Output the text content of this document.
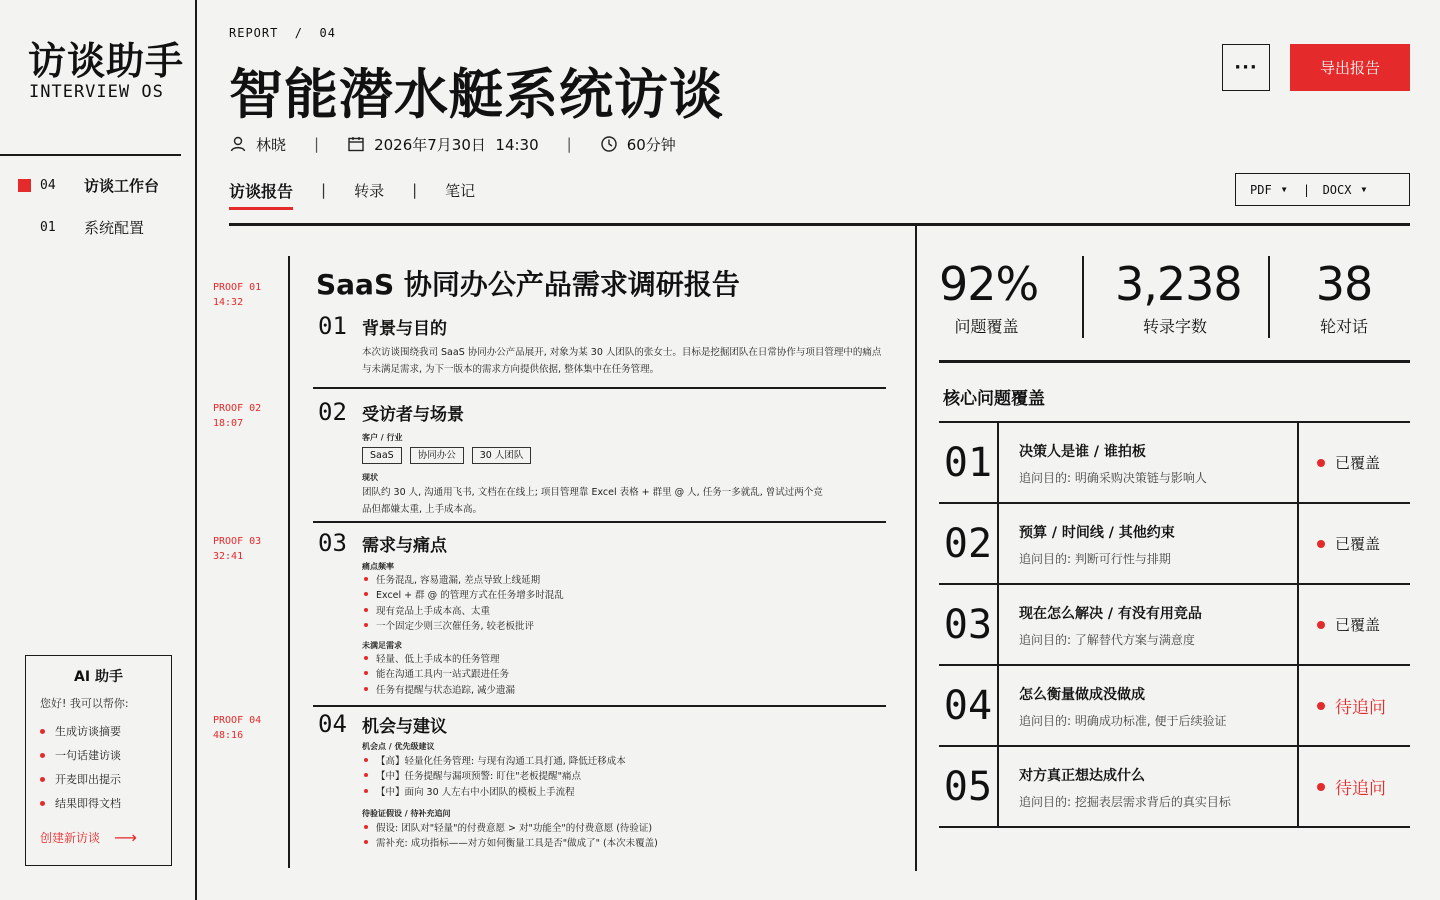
访谈助手
INTERVIEW OS
04	访谈工作台
01	系统配置
AI 助手
您好! 我可以帮你:
生成访谈摘要
一句话建访谈
开麦即出提示
结果即得文档
创建新访谈 ⟶
REPORT  /  04
智能潜水艇系统访谈
林晓 |	2026年7月30日  14:30 |	60分钟
访谈报告 | 转录 | 笔记
···	导出报告
PDF ▼ | DOCX ▼
PROOF 01
14:32
PROOF 02
18:07
PROOF 03
32:41
PROOF 04
48:16
SaaS 协同办公产品需求调研报告
01 背景与目的

本次访谈围绕我司 SaaS 协同办公产品展开, 对象为某 30 人团队的张女士。目标是挖掘团队在日常协作与项目管理中的痛点与未满足需求, 为下一版本的需求方向提供依据, 整体集中在任务管理。

02 受访者与场景
客户 / 行业
SaaS	协同办公	30 人团队
现状

团队约 30 人, 沟通用飞书, 文档在在线上; 项目管理靠 Excel 表格 + 群里 @ 人, 任务一多就乱, 曾试过两个竞品但都嫌太重, 上手成本高。

03 需求与痛点
痛点频率
任务混乱, 容易遗漏, 差点导致上线延期
Excel + 群 @ 的管理方式在任务增多时混乱
现有竞品上手成本高、太重
一个固定少则三次催任务, 较老板批评
未满足需求
轻量、低上手成本的任务管理
能在沟通工具内一站式跟进任务
任务有提醒与状态追踪, 减少遗漏
04 机会与建议
机会点 / 优先级建议
【高】轻量化任务管理: 与现有沟通工具打通, 降低迁移成本
【中】任务提醒与漏项预警: 盯住"老板提醒"痛点
【中】面向 30 人左右中小团队的模板上手流程
待验证假设 / 待补充追问
假设: 团队对"轻量"的付费意愿 > 对"功能全"的付费意愿 (待验证)
需补充: 成功指标——对方如何衡量工具是否"做成了" (本次未覆盖)
92%
问题覆盖
3,238
转录字数
38
轮对话
核心问题覆盖
01	决策人是谁 / 谁拍板
追问目的: 明确采购决策链与影响人
已覆盖
02	预算 / 时间线 / 其他约束
追问目的: 判断可行性与排期
已覆盖
03	现在怎么解决 / 有没有用竞品
追问目的: 了解替代方案与满意度
已覆盖
04	怎么衡量做成没做成
追问目的: 明确成功标准, 便于后续验证
待追问
05	对方真正想达成什么
追问目的: 挖掘表层需求背后的真实目标
待追问
